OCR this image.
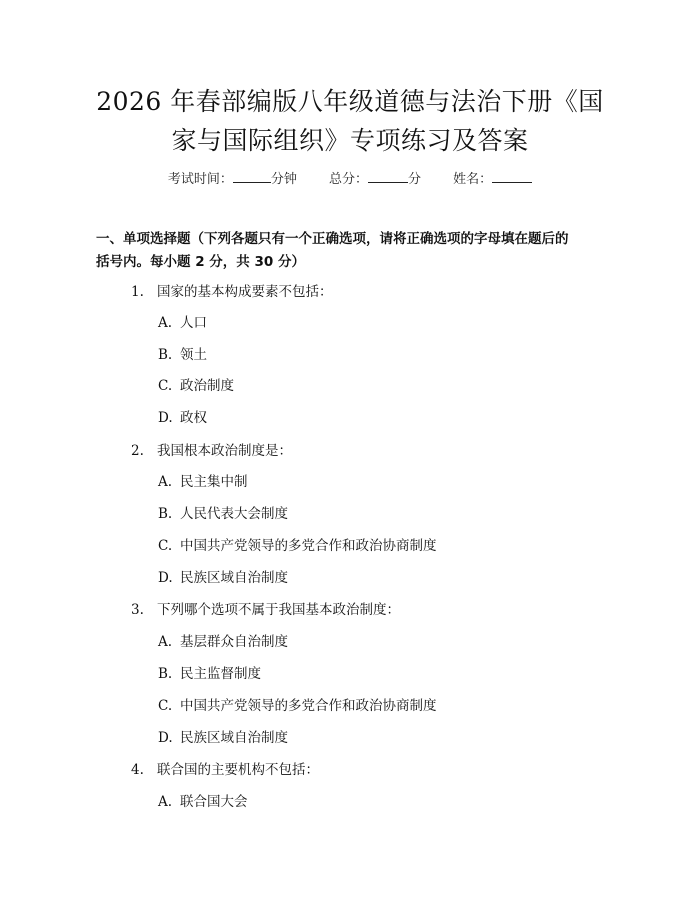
2026 年春部编版八年级道德与法治下册《国
家与国际组织》专项练习及答案
考试时间：	分钟 总分：	分 姓名：

一、单项选择题（下列各题只有一个正确选项，请将正确选项的字母填在题后的
括号内。每小题 2 分，共 30 分）

1. 国家的基本构成要素不包括：
A. 人口
B. 领土
C. 政治制度
D. 政权
2. 我国根本政治制度是：
A. 民主集中制
B. 人民代表大会制度
C. 中国共产党领导的多党合作和政治协商制度
D. 民族区域自治制度
3. 下列哪个选项不属于我国基本政治制度：
A. 基层群众自治制度
B. 民主监督制度
C. 中国共产党领导的多党合作和政治协商制度
D. 民族区域自治制度
4. 联合国的主要机构不包括：
A. 联合国大会
